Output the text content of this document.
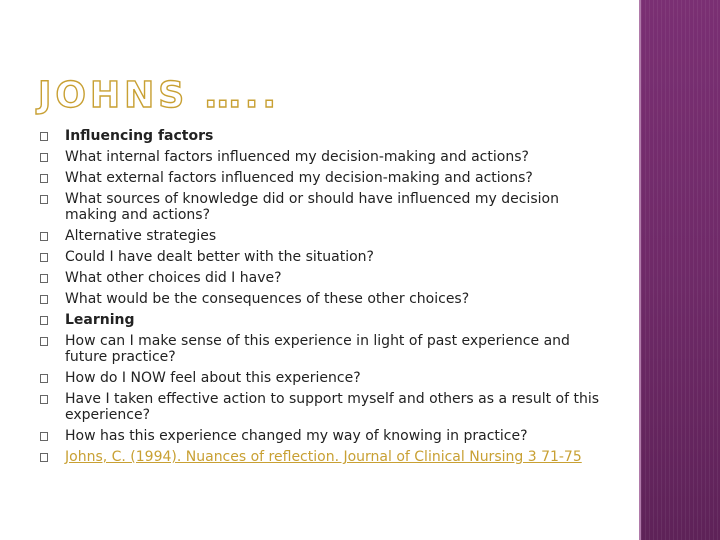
JOHNS …..
Influencing factors
What internal factors influenced my decision-making and actions?
What external factors influenced my decision-making and actions?
What sources of knowledge did or should have influenced my decision making and actions?
Alternative strategies
Could I have dealt better with the situation?
What other choices did I have?
What would be the consequences of these other choices?
Learning
How can I make sense of this experience in light of past experience and future practice?
How do I NOW feel about this experience?
Have I taken effective action to support myself and others as a result of this experience?
How has this experience changed my way of knowing in practice?
Johns, C. (1994). Nuances of reflection. Journal of Clinical Nursing 3 71-75
